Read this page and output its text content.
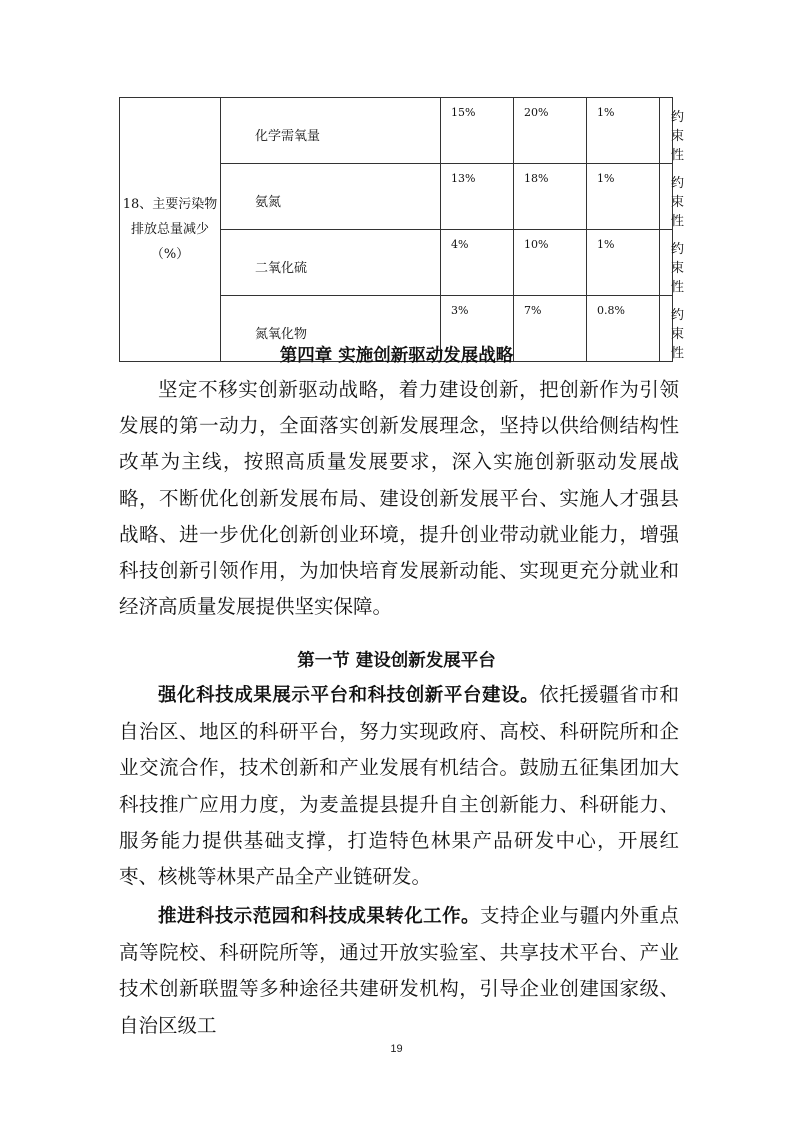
18、主要污染物排放总量减少（%）	化学需氧量	15%	20%	1%	约束性
	氨氮	13%	18%	1%	约束性
	二氧化硫	4%	10%	1%	约束性
	氮氧化物	3%	7%	0.8%	约束性
第四章 实施创新驱动发展战略

坚定不移实创新驱动战略，着力建设创新，把创新作为引领发展的第一动力，全面落实创新发展理念，坚持以供给侧结构性改革为主线，按照高质量发展要求，深入实施创新驱动发展战略，不断优化创新发展布局、建设创新发展平台、实施人才强县战略、进一步优化创新创业环境，提升创业带动就业能力，增强科技创新引领作用，为加快培育发展新动能、实现更充分就业和经济高质量发展提供坚实保障。

第一节 建设创新发展平台

强化科技成果展示平台和科技创新平台建设。依托援疆省市和自治区、地区的科研平台，努力实现政府、高校、科研院所和企业交流合作，技术创新和产业发展有机结合。鼓励五征集团加大科技推广应用力度，为麦盖提县提升自主创新能力、科研能力、服务能力提供基础支撑，打造特色林果产品研发中心，开展红枣、核桃等林果产品全产业链研发。

推进科技示范园和科技成果转化工作。支持企业与疆内外重点高等院校、科研院所等，通过开放实验室、共享技术平台、产业技术创新联盟等多种途径共建研发机构，引导企业创建国家级、自治区级工

19
